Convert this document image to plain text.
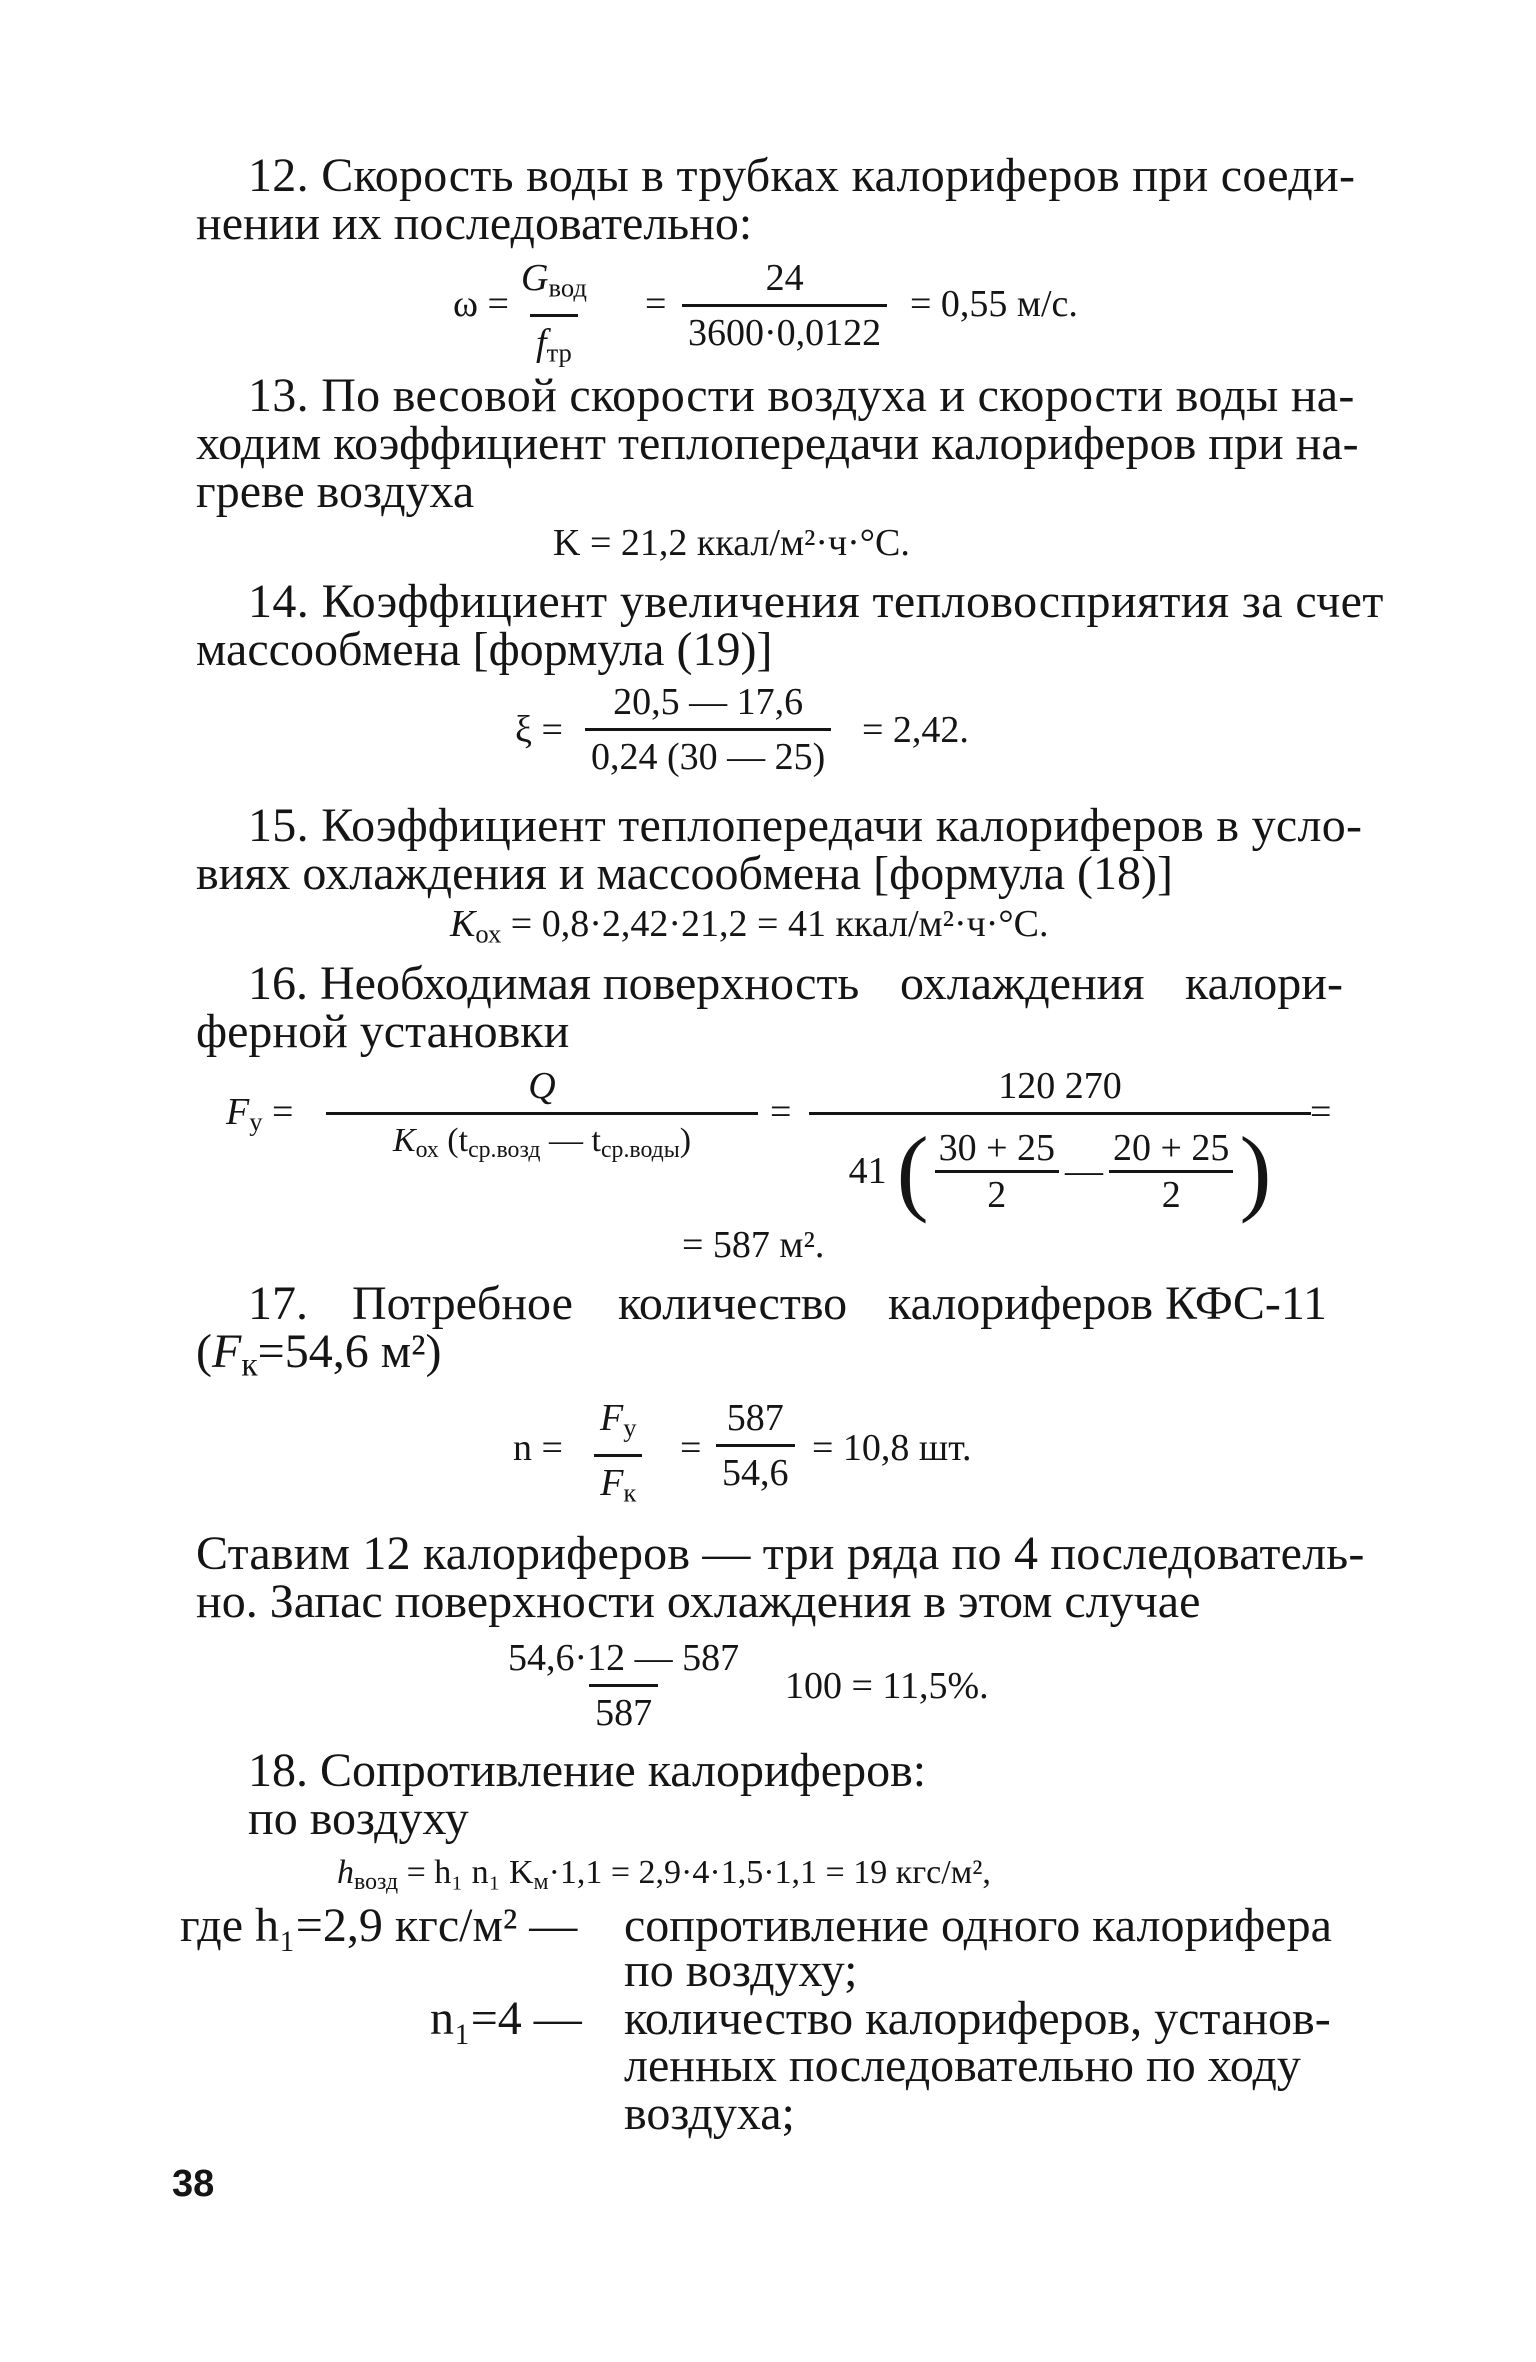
12. Скорость воды в трубках калориферов при соеди-
нении их последовательно:
ω =
$G_{вод}$
$f_{тр}$
= $\frac{24}{3600\cdot 0,0122} = 0,55$ м/с.
13. По весовой скорости воздуха и скорости воды на-
ходим коэффициент теплопередачи калориферов при на-
греве воздуха
K = 21,2 ккал/м²·ч·°С.
14. Коэффициент увеличения тепловосприятия за счет
массообмена [формула (19)]
$\xi = \frac{20,5 — 17,6}{0,24 (30 — 25)} = 2,42$.
15. Коэффициент теплопередачи калориферов в усло-
виях охлаждения и массообмена [формула (18)]
$K_{ох} = 0,8\cdot 2,42\cdot 21,2 = 41$ ккал/м²·ч·°С.
16. Необходимая поверхность охлаждения калори-
ферной установки
$F_у$ =
Q
$K_{ох}$ ($t_{ср.возд}$ — $t_{ср.воды}$)
=
120 270
41 ( 30 + 25
2
—
20 + 25
2 )
=
= 587 м².
17. Потребное количество калориферов КФС-11
($F_к=54,6$ м²)
n =
$F_у$
$F_к$
= $\frac{587}{54,6} = 10,8$ шт.
Ставим 12 калориферов — три ряда по 4 последователь-
но. Запас поверхности охлаждения в этом случае
$\frac{54,6\cdot 12 — 587}{587} 100 = 11,5\%$.
18. Сопротивление калориферов:
по воздуху
$h_{возд} = h_1$ n₁ $K_м\cdot 1,1 = 2,9\cdot 4\cdot 1,5\cdot 1,1 = 19$ кгс/м²,
где h₁=2,9 кгс/м² — сопротивление одного калорифера
по воздуху;
n₁=4 — количество калориферов, установ-
ленных последовательно по ходу
воздуха;
38
